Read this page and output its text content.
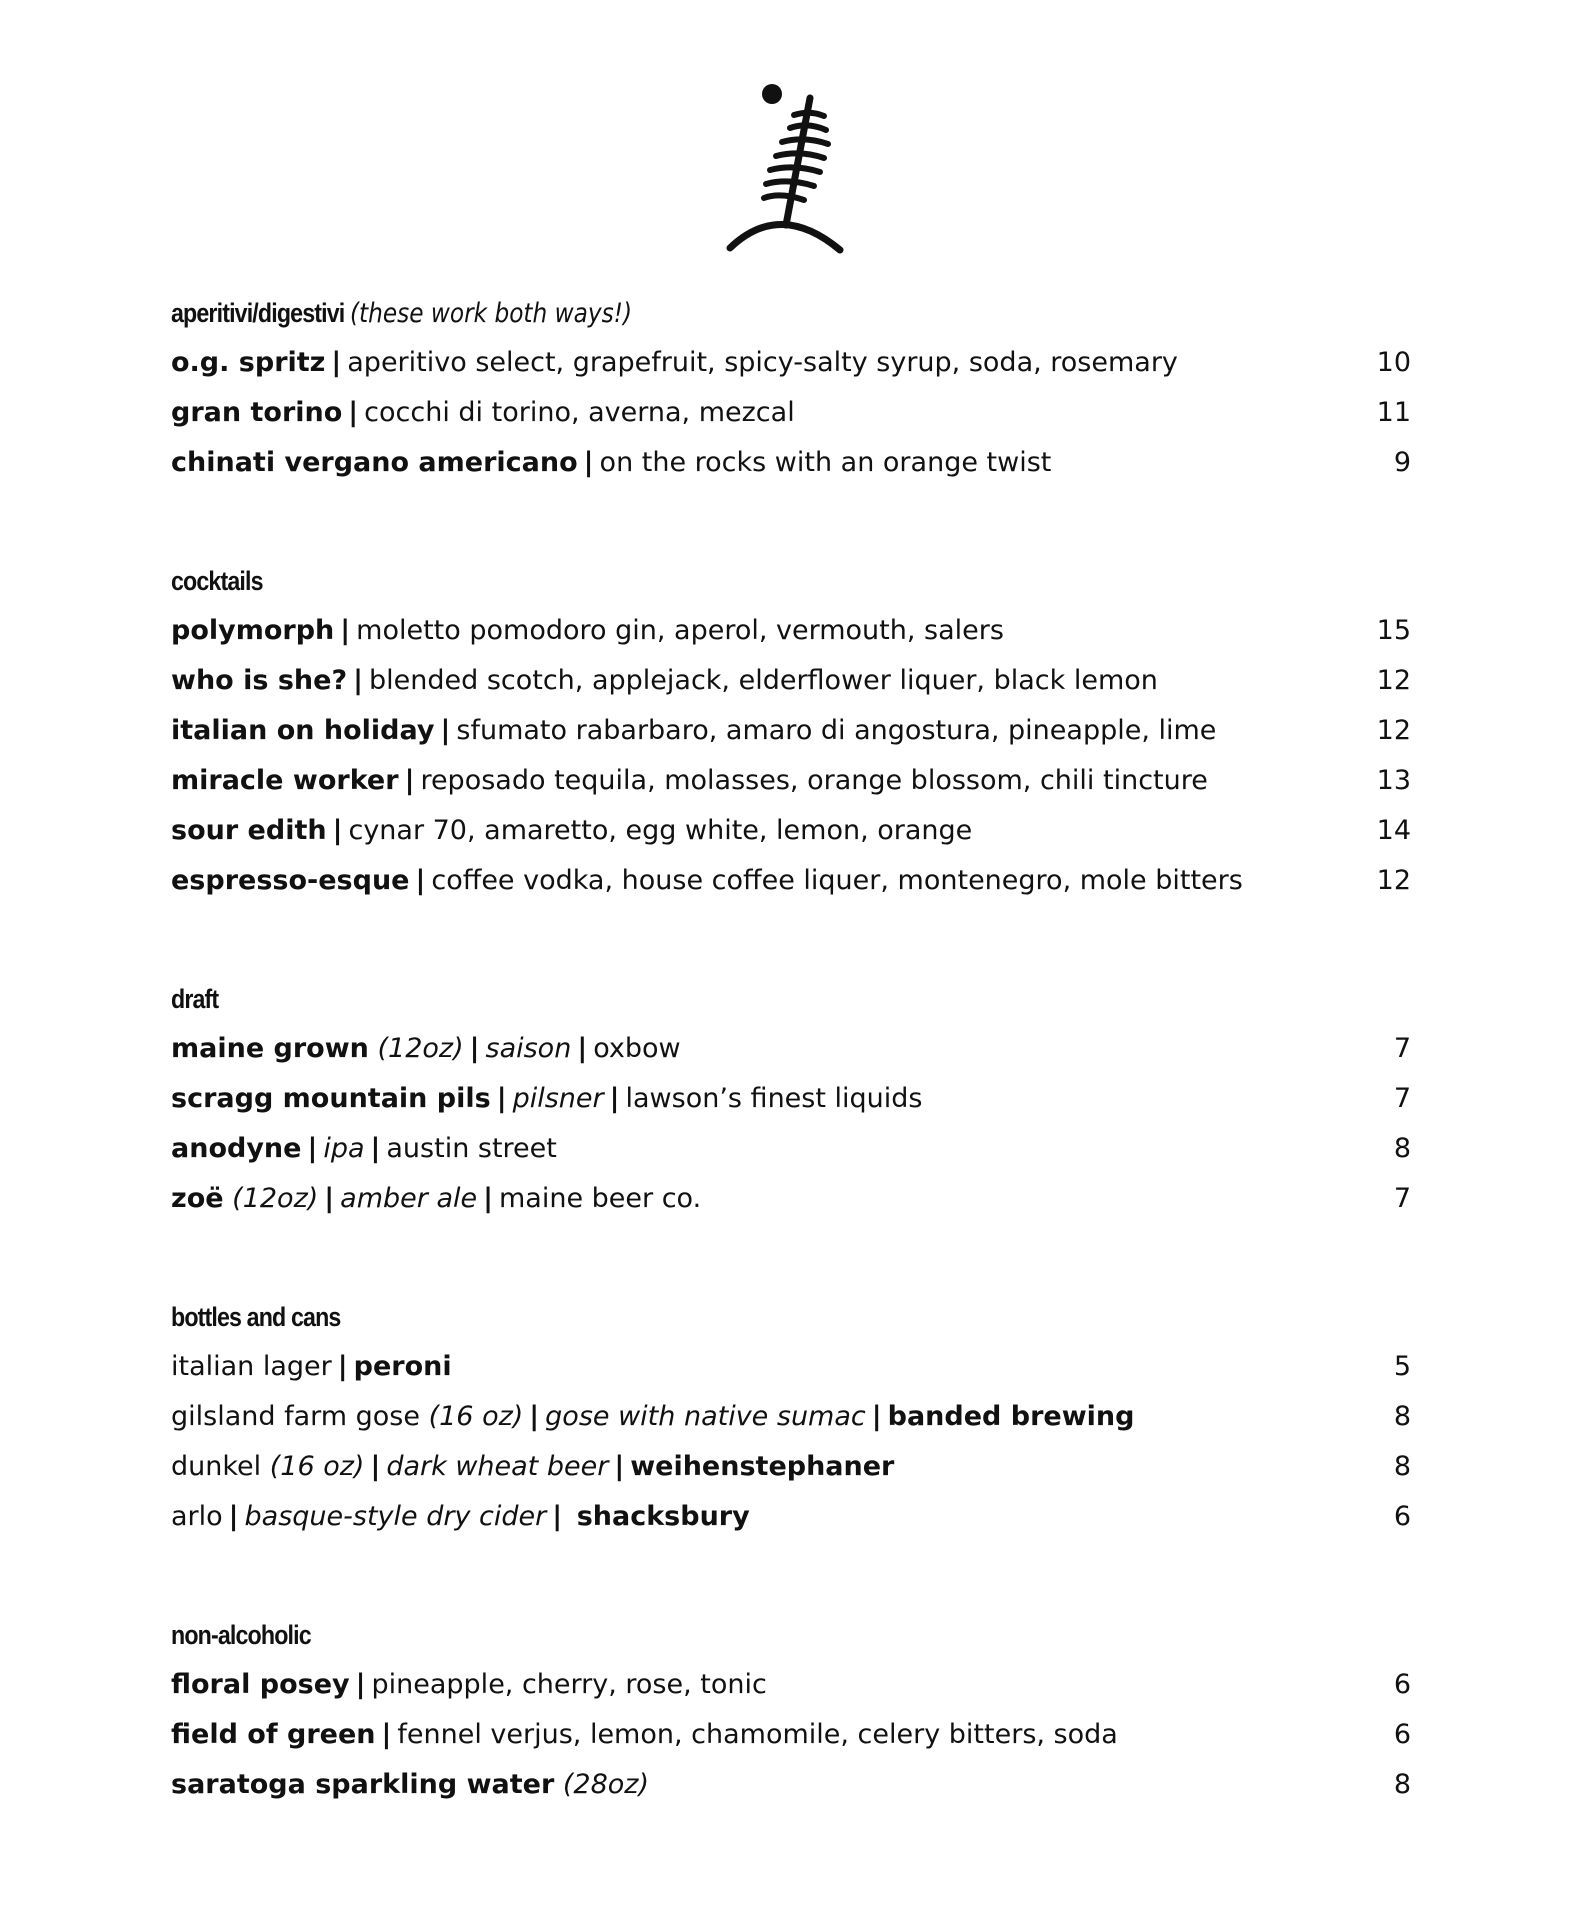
aperitivi/digestivi (these work both ways!)
o.g. spritz | aperitivo select, grapefruit, spicy-salty syrup, soda, rosemary	10
gran torino | cocchi di torino, averna, mezcal	11
chinati vergano americano | on the rocks with an orange twist	9
cocktails
polymorph | moletto pomodoro gin, aperol, vermouth, salers	15
who is she? | blended scotch, applejack, elderflower liquer, black lemon	12
italian on holiday | sfumato rabarbaro, amaro di angostura, pineapple, lime	12
miracle worker | reposado tequila, molasses, orange blossom, chili tincture	13
sour edith | cynar 70, amaretto, egg white, lemon, orange	14
espresso-esque | coffee vodka, house coffee liquer, montenegro, mole bitters	12
draft
maine grown (12oz) | saison | oxbow	7
scragg mountain pils | pilsner | lawson’s finest liquids	7
anodyne | ipa | austin street	8
zoë (12oz) | amber ale | maine beer co.	7
bottles and cans
italian lager | peroni	5
gilsland farm gose (16 oz) | gose with native sumac | banded brewing	8
dunkel (16 oz) | dark wheat beer | weihenstephaner	8
arlo | basque-style dry cider | shacksbury	6
non-alcoholic
floral posey | pineapple, cherry, rose, tonic	6
field of green | fennel verjus, lemon, chamomile, celery bitters, soda	6
saratoga sparkling water (28oz)	8
